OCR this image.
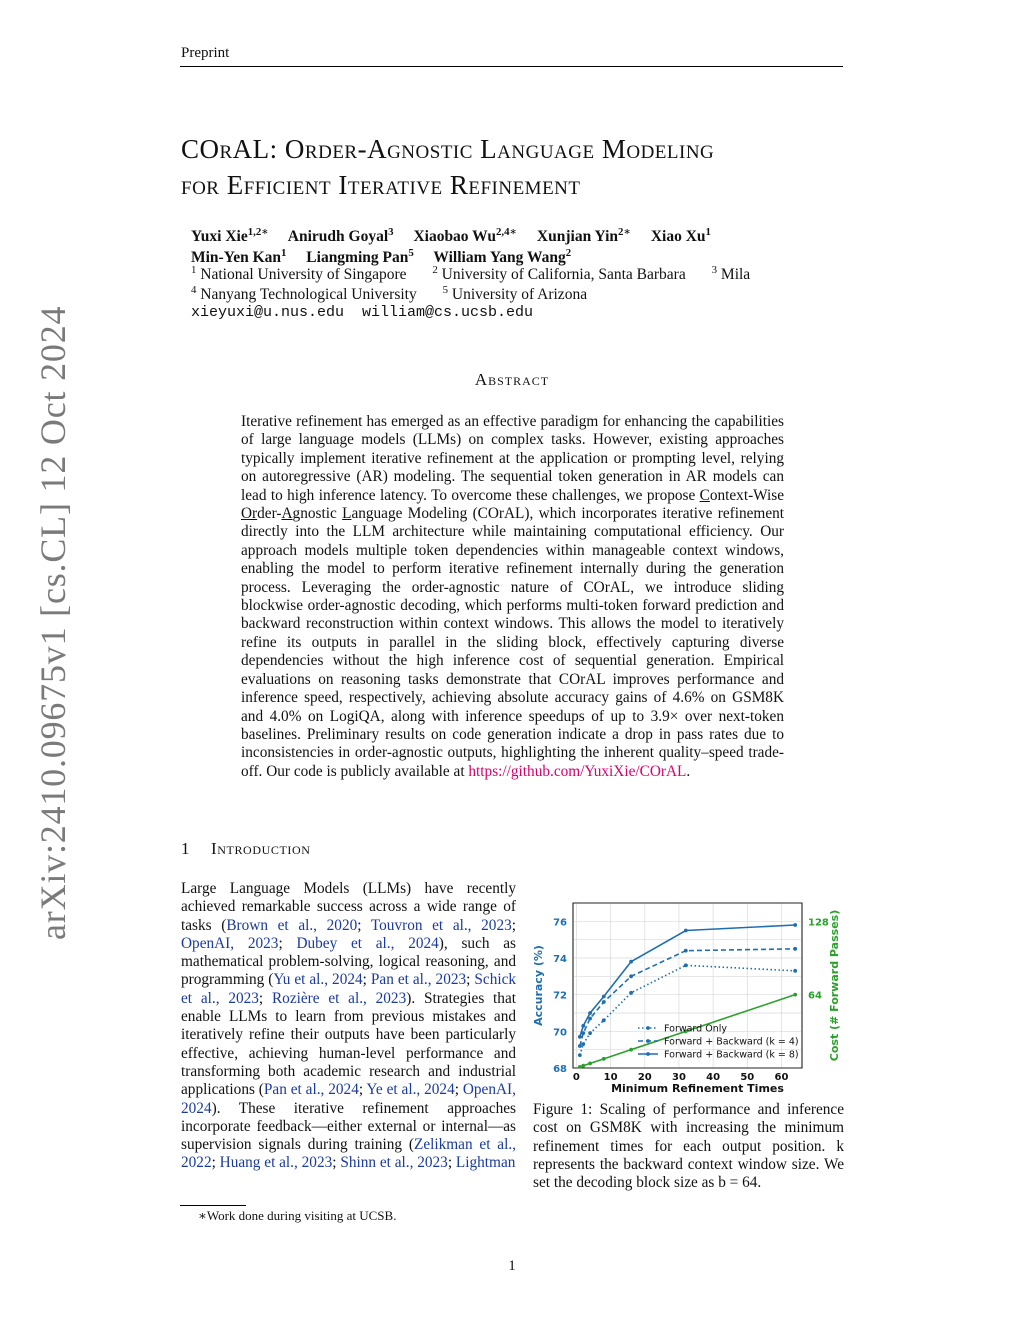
Preprint
arXiv:2410.09675v1 [cs.CL] 12 Oct 2024
COrAL: Order-Agnostic Language Modeling
for Efficient Iterative Refinement
Yuxi Xie$^{1,2∗}$ Anirudh Goyal$^3$ Xiaobao $Wu^{2,4∗}$ Xunjian Yin$^{2∗}$ Xiao Xu$^1$
Min-Yen Kan$^1$ Liangming Pan$^5$ William Yang Wang$^2$
$^1$ National University of Singapore $^2$ University of California, Santa Barbara $^3$ Mila
$^4$ Nanyang Technological University $^5$ University of Arizona
xieyuxi@u.nus.edu william@cs.ucsb.edu
Abstract
Iterative refinement has emerged as an effective paradigm for enhancing the capabilities of large language models (LLMs) on complex tasks. However, existing approaches typically implement iterative refinement at the application or prompting level, relying on autoregressive (AR) modeling. The sequential token generation in AR models can lead to high inference latency. To overcome these challenges, we propose Context-Wise Order-Agnostic Language Modeling (COrAL), which incorporates iterative refinement directly into the LLM architecture while maintaining computational efficiency. Our approach models multiple token dependencies within manageable context windows, enabling the model to perform iterative refinement internally during the generation process. Leveraging the order-agnostic nature of COrAL, we introduce sliding blockwise order-agnostic decoding, which performs multi-token forward prediction and backward reconstruction within context windows. This allows the model to iteratively refine its outputs in parallel in the sliding block, effectively capturing diverse dependencies without the high inference cost of sequential generation. Empirical evaluations on reasoning tasks demonstrate that COrAL improves performance and inference speed, respectively, achieving absolute accuracy gains of 4.6% on GSM8K and 4.0% on LogiQA, along with inference speedups of up to 3.9× over next-token baselines. Preliminary results on code generation indicate a drop in pass rates due to inconsistencies in order-agnostic outputs, highlighting the inherent quality–speed trade-off. Our code is publicly available at https://github.com/YuxiXie/COrAL.
1 Introduction
Large Language Models (LLMs) have recently achieved remarkable success across a wide range of tasks (Brown et al., 2020; Touvron et al., 2023; OpenAI, 2023; Dubey et al., 2024), such as mathematical problem-solving, logical reasoning, and programming (Yu et al., 2024; Pan et al., 2023; Schick et al., 2023; Rozière et al., 2023). Strategies that enable LLMs to learn from previous mistakes and iteratively refine their outputs have been particularly effective, achieving human-level performance and transforming both academic research and industrial applications (Pan et al., 2024; Ye et al., 2024; OpenAI, 2024). These iterative refinement approaches incorporate feedback—either external or internal—as supervision signals during training (Zelikman et al., 2022; Huang et al., 2023; Shinn et al., 2023; Lightman
0 10 20 30 40 50 60
68
70
72
74
76
64
128
Minimum Refinement Times
Accuracy (%)	Cost (# Forward Passes)
Forward Only
Forward + Backward (k = 4)
Forward + Backward (k = 8)
Figure 1: Scaling of performance and inference cost on GSM8K with increasing the minimum refinement times for each output position. k represents the backward context window size. We set the decoding block size as b = 64.
∗Work done during visiting at UCSB.
1
